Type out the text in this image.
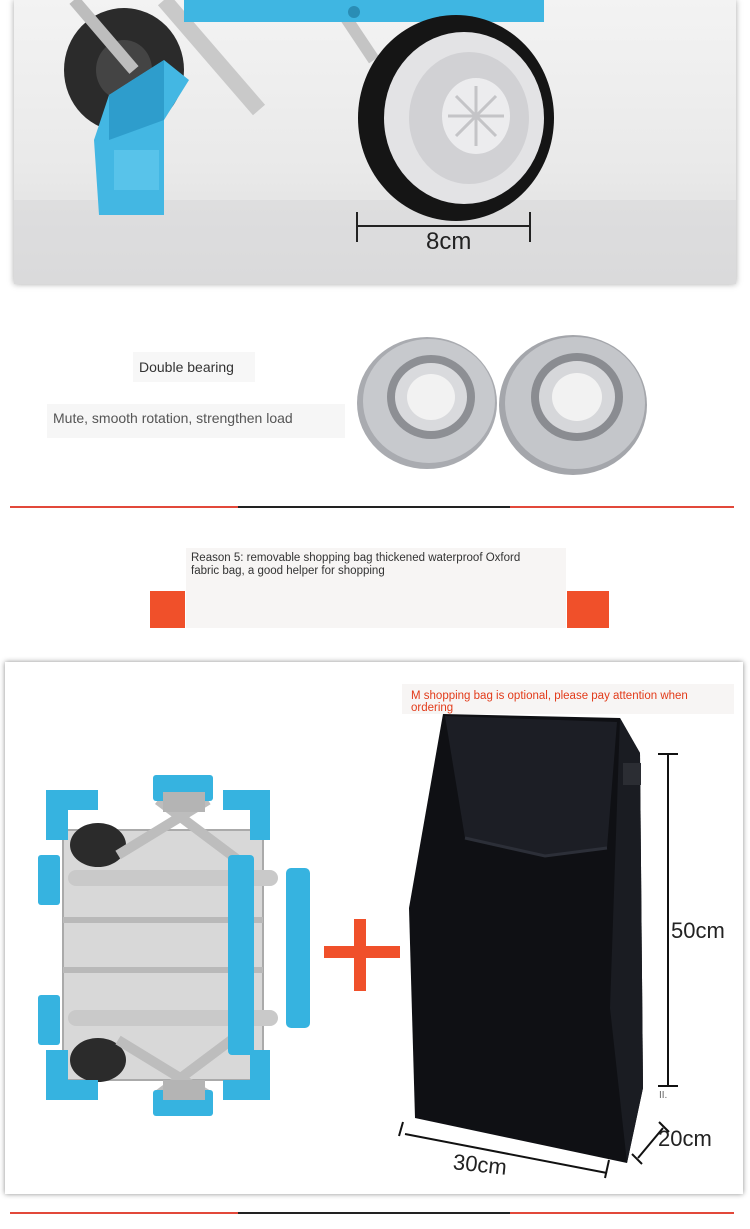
8cm
Double bearing
Mute, smooth rotation, strengthen load
Reason 5: removable shopping bag thickened waterproof Oxford fabric bag, a good helper for shopping
M shopping bag is optional, please pay attention when ordering
50cm
30cm
20cm
II.
